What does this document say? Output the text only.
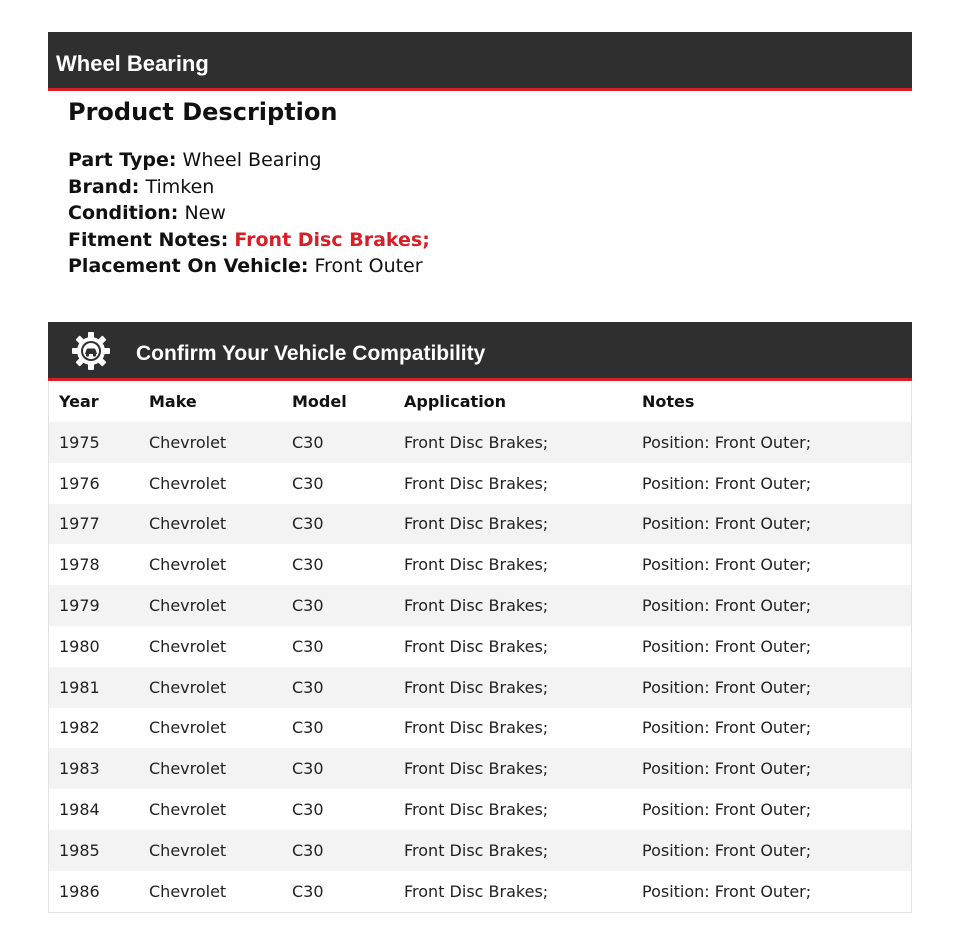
Wheel Bearing
Product Description
Part Type: Wheel Bearing
Brand: Timken
Condition: New
Fitment Notes: Front Disc Brakes;
Placement On Vehicle: Front Outer
Confirm Your Vehicle Compatibility
Year	Make	Model	Application	Notes
1975	Chevrolet	C30	Front Disc Brakes;	Position: Front Outer;
1976	Chevrolet	C30	Front Disc Brakes;	Position: Front Outer;
1977	Chevrolet	C30	Front Disc Brakes;	Position: Front Outer;
1978	Chevrolet	C30	Front Disc Brakes;	Position: Front Outer;
1979	Chevrolet	C30	Front Disc Brakes;	Position: Front Outer;
1980	Chevrolet	C30	Front Disc Brakes;	Position: Front Outer;
1981	Chevrolet	C30	Front Disc Brakes;	Position: Front Outer;
1982	Chevrolet	C30	Front Disc Brakes;	Position: Front Outer;
1983	Chevrolet	C30	Front Disc Brakes;	Position: Front Outer;
1984	Chevrolet	C30	Front Disc Brakes;	Position: Front Outer;
1985	Chevrolet	C30	Front Disc Brakes;	Position: Front Outer;
1986	Chevrolet	C30	Front Disc Brakes;	Position: Front Outer;
